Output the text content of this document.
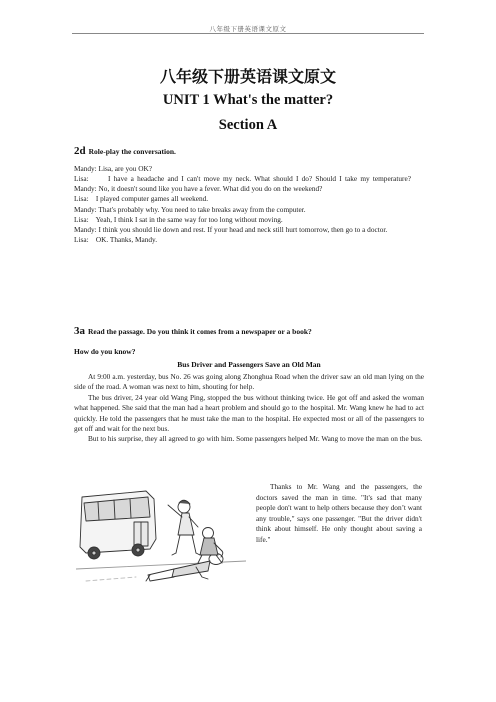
八年级下册英语课文原文
八年级下册英语课文原文
UNIT 1 What's the matter?
Section A
2d Role-play the conversation.
Mandy: Lisa, are you OK?
Lisa:	I have a headache and I can't move my neck. What should I do? Should I take my temperature?
Mandy: No, it doesn't sound like you have a fever. What did you do on the weekend?
Lisa: I played computer games all weekend.
Mandy: That's probably why. You need to take breaks away from the computer.
Lisa: Yeah, I think I sat in the same way for too long without moving.
Mandy: I think you should lie down and rest. If your head and neck still hurt tomorrow, then go to a doctor.
Lisa: OK. Thanks, Mandy.
3a Read the passage. Do you think it comes from a newspaper or a book?
How do you know?
Bus Driver and Passengers Save an Old Man

At 9:00 a.m. yesterday, bus No. 26 was going along Zhonghua Road when the driver saw an old man lying on the side of the road. A woman was next to him, shouting for help.

The bus driver, 24 year old Wang Ping, stopped the bus without thinking twice. He got off and asked the woman what happened. She said that the man had a heart problem and should go to the hospital. Mr. Wang knew he had to act quickly. He told the passengers that he must take the man to the hospital. He expected most or all of the passengers to get off and wait for the next bus.

But to his surprise, they all agreed to go with him. Some passengers helped Mr. Wang to move the man on the bus.

Thanks to Mr. Wang and the passengers, the doctors saved the man in time. "It's sad that many people don't want to help others because they don’t want any trouble," says one passenger. "But the driver didn't think about himself. He only thought about saving a life."
